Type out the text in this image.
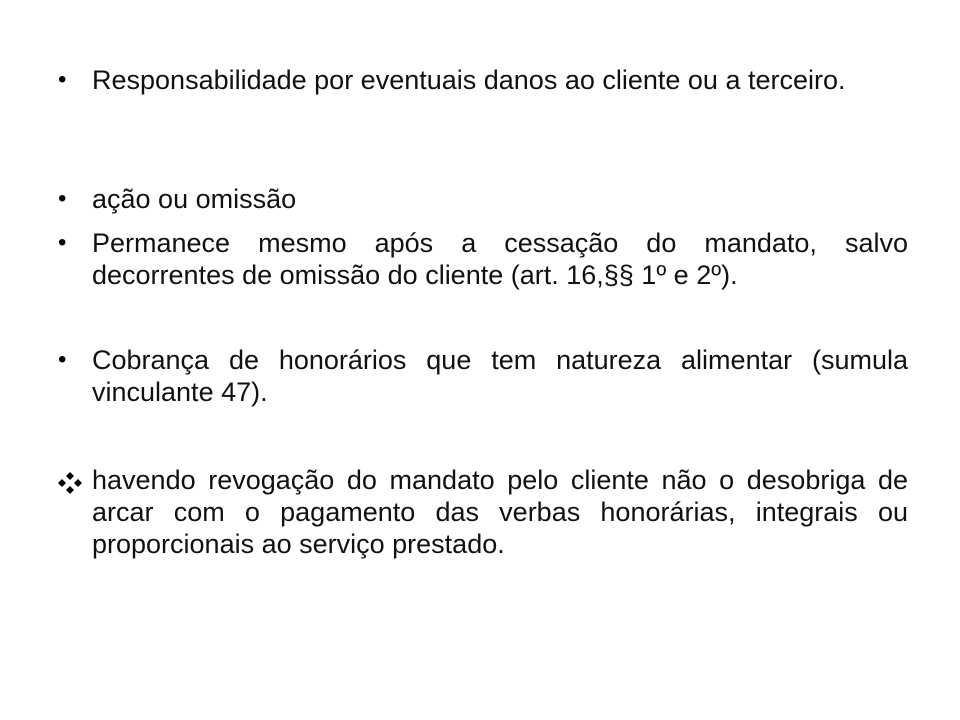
• Responsabilidade por eventuais danos ao cliente ou a terceiro.
• ação ou omissão
• Permanece mesmo após a cessação do mandato, salvo decorrentes de omissão do cliente (art. 16,§§ 1º e 2º).
• Cobrança de honorários que tem natureza alimentar (sumula vinculante 47).
havendo revogação do mandato pelo cliente não o desobriga de arcar com o pagamento das verbas honorárias, integrais ou proporcionais ao serviço prestado.
